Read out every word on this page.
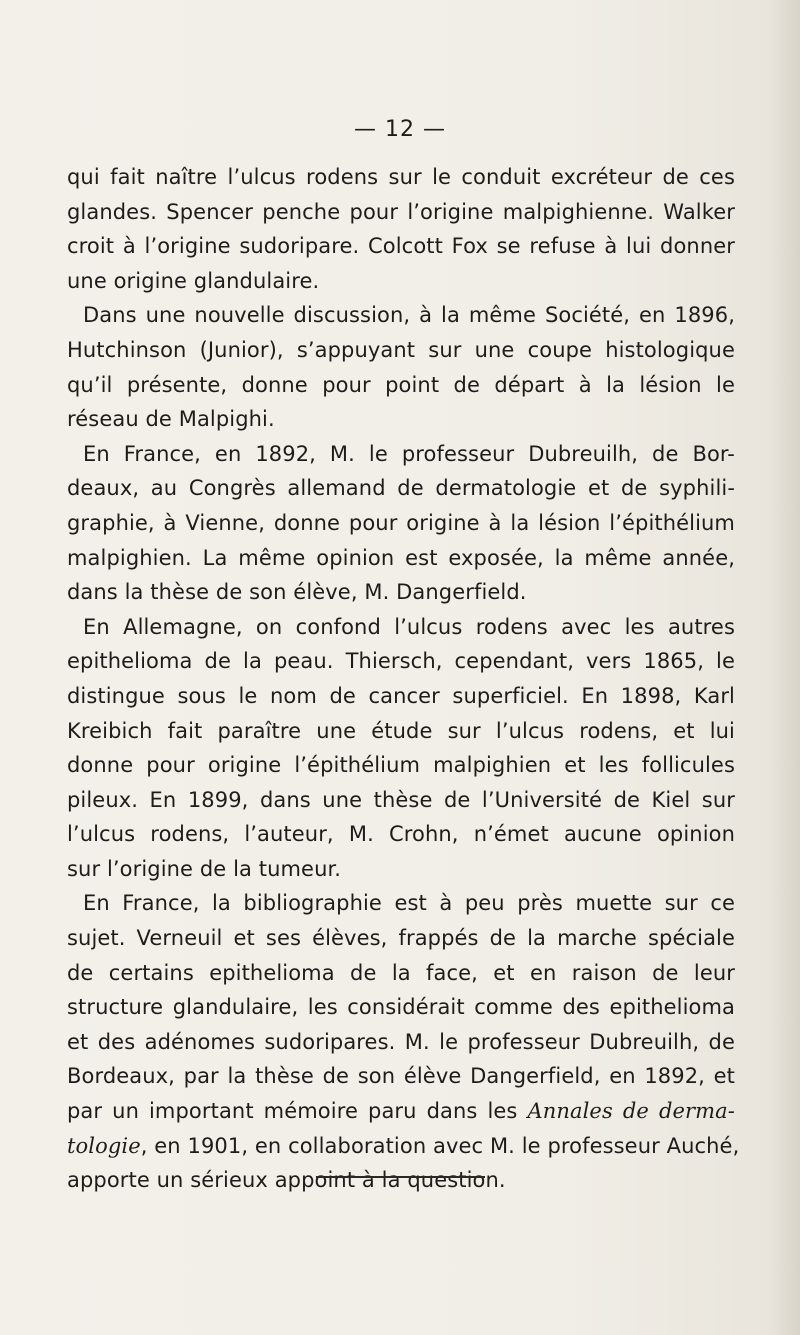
— 12 —
qui fait naître l’ulcus rodens sur le conduit excréteur de ces
glandes. Spencer penche pour l’origine malpighienne. Walker
croit à l’origine sudoripare. Colcott Fox se refuse à lui donner
une origine glandulaire.
Dans une nouvelle discussion, à la même Société, en 1896,
Hutchinson (Junior), s’appuyant sur une coupe histologique
qu’il présente, donne pour point de départ à la lésion le
réseau de Malpighi.
En France, en 1892, M. le professeur Dubreuilh, de Bor-
deaux, au Congrès allemand de dermatologie et de syphili-
graphie, à Vienne, donne pour origine à la lésion l’épithélium
malpighien. La même opinion est exposée, la même année,
dans la thèse de son élève, M. Dangerfield.
En Allemagne, on confond l’ulcus rodens avec les autres
epithelioma de la peau. Thiersch, cependant, vers 1865, le
distingue sous le nom de cancer superficiel. En 1898, Karl
Kreibich fait paraître une étude sur l’ulcus rodens, et lui
donne pour origine l’épithélium malpighien et les follicules
pileux. En 1899, dans une thèse de l’Université de Kiel sur
l’ulcus rodens, l’auteur, M. Crohn, n’émet aucune opinion
sur l’origine de la tumeur.
En France, la bibliographie est à peu près muette sur ce
sujet. Verneuil et ses élèves, frappés de la marche spéciale
de certains epithelioma de la face, et en raison de leur
structure glandulaire, les considérait comme des epithelioma
et des adénomes sudoripares. M. le professeur Dubreuilh, de
Bordeaux, par la thèse de son élève Dangerfield, en 1892, et
par un important mémoire paru dans les Annales de derma-
tologie, en 1901, en collaboration avec M. le professeur Auché,
apporte un sérieux appoint à la question.
